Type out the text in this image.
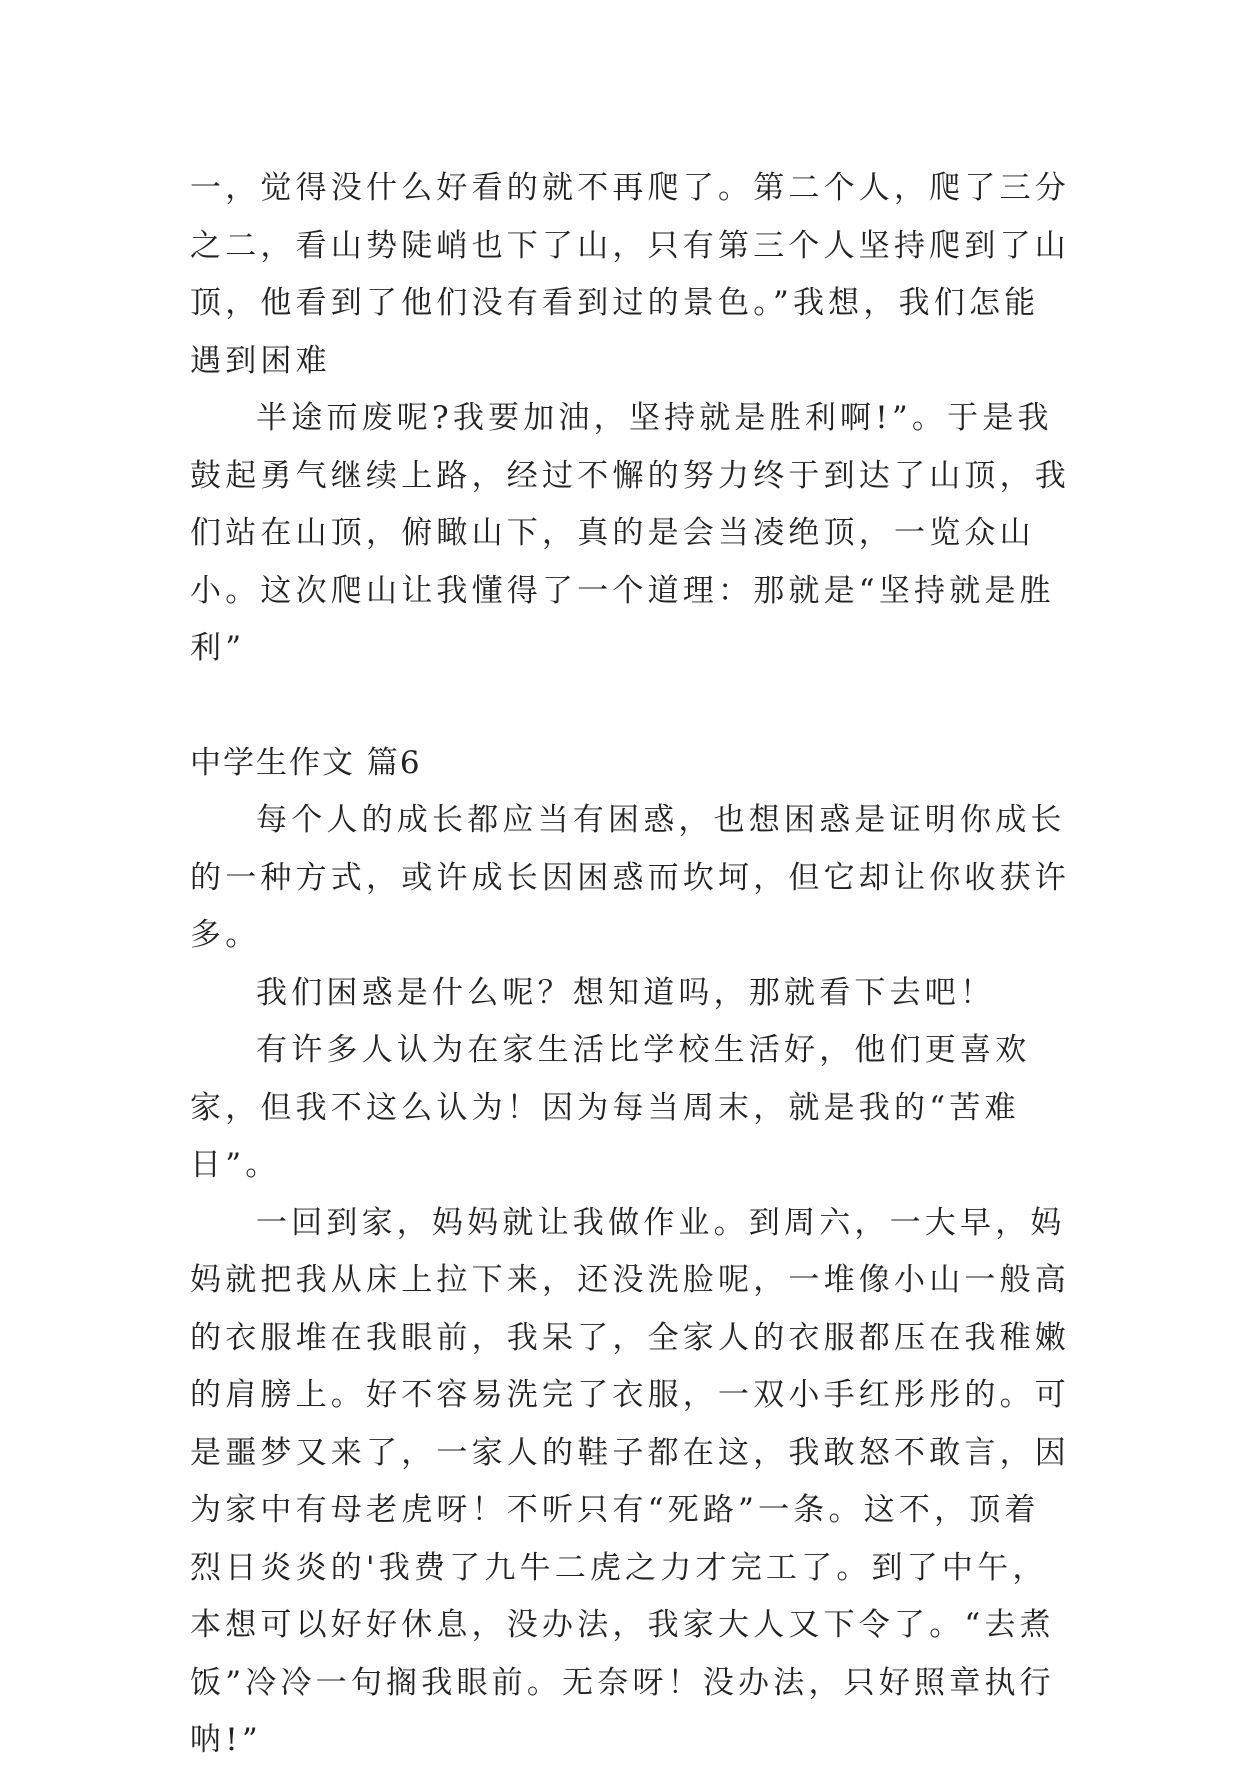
一，觉得没什么好看的就不再爬了。第二个人，爬了三分之二，看山势陡峭也下了山，只有第三个人坚持爬到了山顶，他看到了他们没有看到过的景色。”我想，我们怎能遇到困难

半途而废呢?我要加油，坚持就是胜利啊!”。于是我鼓起勇气继续上路，经过不懈的努力终于到达了山顶，我们站在山顶，俯瞰山下，真的是会当凌绝顶，一览众山小。这次爬山让我懂得了一个道理：那就是“坚持就是胜利”

中学生作文 篇6

每个人的成长都应当有困惑，也想困惑是证明你成长的一种方式，或许成长因困惑而坎坷，但它却让你收获许多。

我们困惑是什么呢？想知道吗，那就看下去吧！

有许多人认为在家生活比学校生活好，他们更喜欢家，但我不这么认为！因为每当周末，就是我的“苦难日”。

一回到家，妈妈就让我做作业。到周六，一大早，妈妈就把我从床上拉下来，还没洗脸呢，一堆像小山一般高的衣服堆在我眼前，我呆了，全家人的衣服都压在我稚嫩的肩膀上。好不容易洗完了衣服，一双小手红彤彤的。可是噩梦又来了，一家人的鞋子都在这，我敢怒不敢言，因为家中有母老虎呀！不听只有“死路”一条。这不，顶着烈日炎炎的'我费了九牛二虎之力才完工了。到了中午，本想可以好好休息，没办法，我家大人又下令了。“去煮饭”冷冷一句搁我眼前。无奈呀！没办法，只好照章执行呐!”
